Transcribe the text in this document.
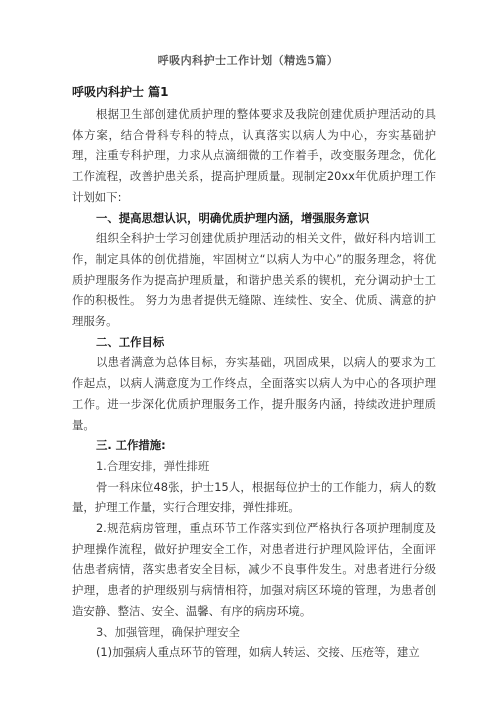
呼吸内科护士工作计划（精选5篇）
呼吸内科护士 篇1

根据卫生部创建优质护理的整体要求及我院创建优质护理活动的具体方案，结合骨科专科的特点，认真落实以病人为中心，夯实基础护理，注重专科护理，力求从点滴细微的工作着手，改变服务理念，优化工作流程，改善护患关系，提高护理质量。现制定20xx年优质护理工作计划如下:

一、提高思想认识，明确优质护理内涵，增强服务意识

组织全科护士学习创建优质护理活动的相关文件，做好科内培训工作，制定具体的创优措施，牢固树立“以病人为中心”的服务理念，将优质护理服务作为提高护理质量，和谐护患关系的锲机，充分调动护士工作的积极性。 努力为患者提供无缝隙、连续性、安全、优质、满意的护理服务。

二、工作目标

以患者满意为总体目标，夯实基础，巩固成果，以病人的要求为工作起点，以病人满意度为工作终点，全面落实以病人为中心的各项护理工作。进一步深化优质护理服务工作，提升服务内涵，持续改进护理质量。

三. 工作措施:

1.合理安排，弹性排班

骨一科床位48张，护士15人，根据每位护士的工作能力，病人的数量，护理工作量，实行合理安排，弹性排班。

2.规范病房管理，重点环节工作落实到位严格执行各项护理制度及护理操作流程，做好护理安全工作，对患者进行护理风险评估，全面评估患者病情，落实患者安全目标，减少不良事件发生。对患者进行分级护理，患者的护理级别与病情相符，加强对病区环境的管理，为患者创造安静、整洁、安全、温馨、有序的病房环境。

3、加强管理，确保护理安全

(1)加强病人重点环节的管理，如病人转运、交接、压疮等，建立
